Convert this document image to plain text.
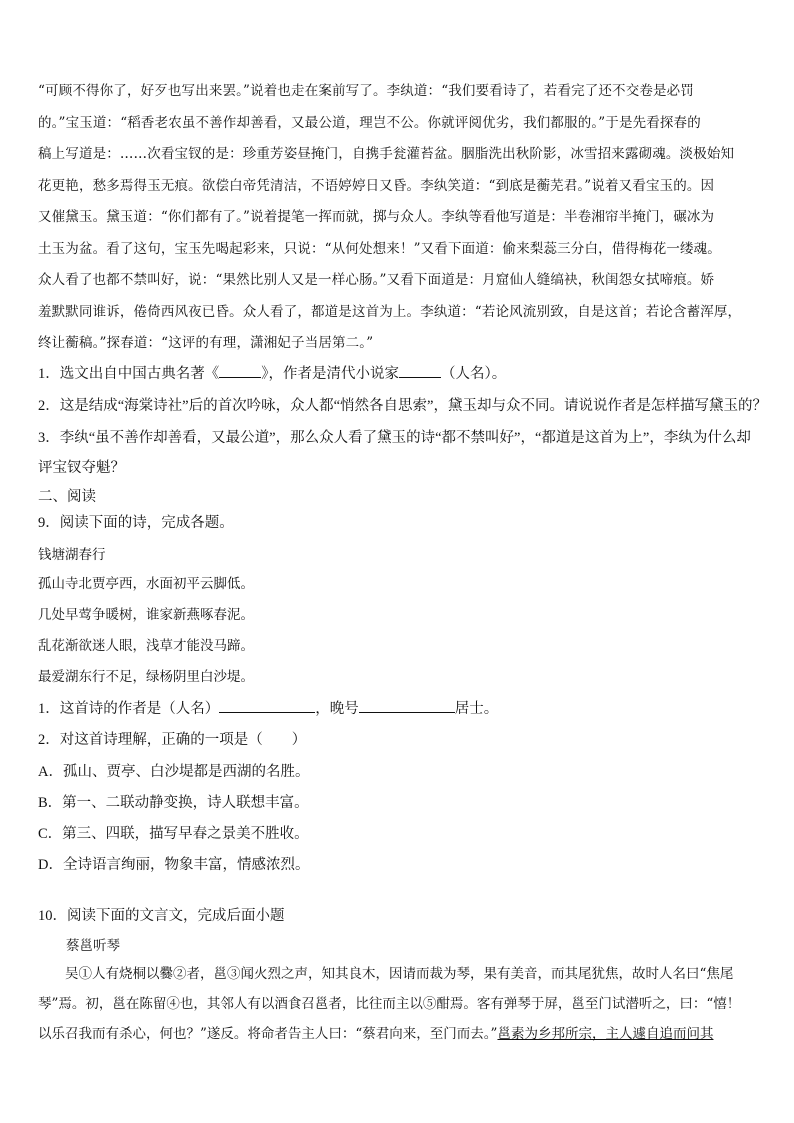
“可顾不得你了，好歹也写出来罢。”说着也走在案前写了。李纨道：“我们要看诗了，若看完了还不交卷是必罚
的。”宝玉道：“稻香老农虽不善作却善看，又最公道，理岂不公。你就评阅优劣，我们都服的。”于是先看探春的
稿上写道是：……次看宝钗的是：珍重芳姿昼掩门，自携手瓮灌苔盆。胭脂洗出秋阶影，冰雪招来露砌魂。淡极始知
花更艳，愁多焉得玉无痕。欲偿白帝凭清洁，不语婷婷日又昏。李纨笑道：“到底是蘅芜君。”说着又看宝玉的。因
又催黛玉。黛玉道：“你们都有了。”说着提笔一挥而就，掷与众人。李纨等看他写道是：半卷湘帘半掩门，碾冰为
土玉为盆。看了这句，宝玉先喝起彩来，只说：“从何处想来！”又看下面道：偷来梨蕊三分白，借得梅花一缕魂。
众人看了也都不禁叫好，说：“果然比别人又是一样心肠。”又看下面道是：月窟仙人缝缟袂，秋闺怨女拭啼痕。娇
羞默默同谁诉，倦倚西风夜已昏。众人看了，都道是这首为上。李纨道：“若论风流别致，自是这首；若论含蓄浑厚，
终让蘅稿。”探春道：“这评的有理，潇湘妃子当居第二。”
1．选文出自中国古典名著《	》，作者是清代小说家	（人名）。
2．这是结成“海棠诗社”后的首次吟咏，众人都“悄然各自思索”，黛玉却与众不同。请说说作者是怎样描写黛玉的？
3．李纨“虽不善作却善看，又最公道”，那么众人看了黛玉的诗“都不禁叫好”，“都道是这首为上”，李纨为什么却
评宝钗夺魁？
二、阅读
9．阅读下面的诗，完成各题。
钱塘湖春行
孤山寺北贾亭西，水面初平云脚低。
几处早莺争暖树，谁家新燕啄春泥。
乱花渐欲迷人眼，浅草才能没马蹄。
最爱湖东行不足，绿杨阴里白沙堤。
1．这首诗的作者是（人名）	，晚号	居士。
2．对这首诗理解，正确的一项是（　　）
A．孤山、贾亭、白沙堤都是西湖的名胜。
B．第一、二联动静变换，诗人联想丰富。
C．第三、四联，描写早春之景美不胜收。
D．全诗语言绚丽，物象丰富，情感浓烈。
10．阅读下面的文言文，完成后面小题
蔡邕听琴
　　吴①人有烧桐以爨②者，邕③闻火烈之声，知其良木，因请而裁为琴，果有美音，而其尾犹焦，故时人名曰“焦尾
琴”焉。初，邕在陈留④也，其邻人有以酒食召邕者，比往而主以⑤酣焉。客有弹琴于屏，邕至门试潜听之，曰：“憘！
以乐召我而有杀心，何也？”遂反。将命者告主人曰：“蔡君向来，至门而去。”邕素为乡邦所宗，主人遽自追而问其
